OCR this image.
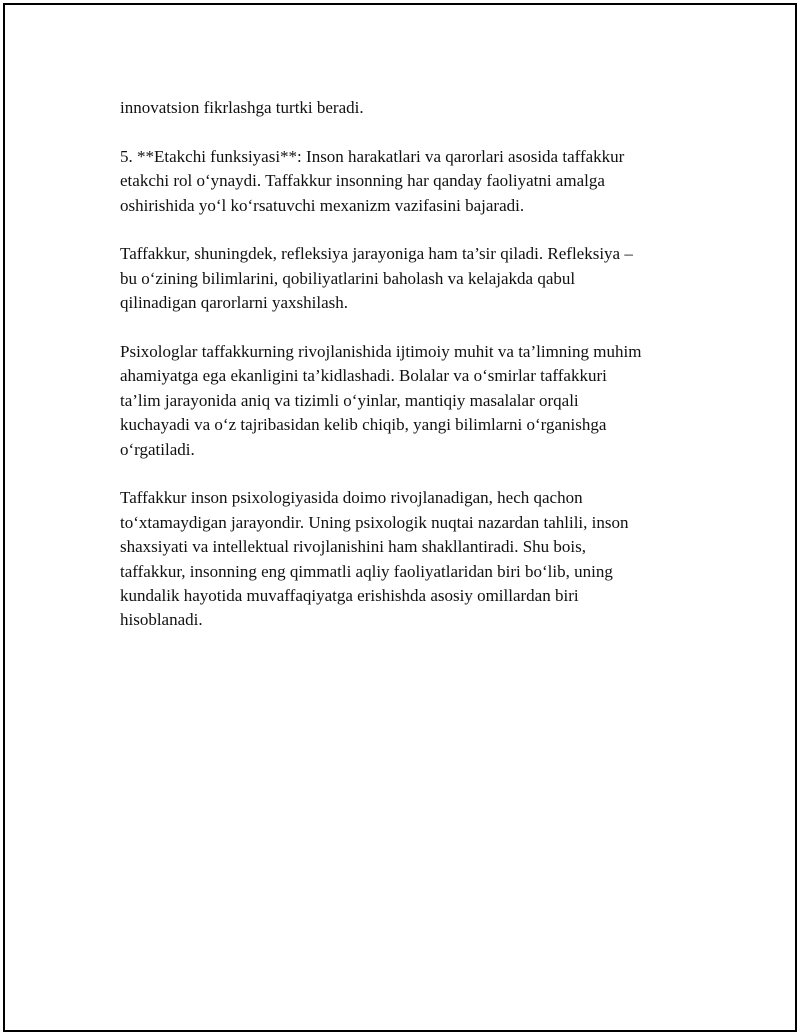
innovatsion fikrlashga turtki beradi.

5. **Etakchi funksiyasi**: Inson harakatlari va qarorlari asosida taffakkur
etakchi rol o‘ynaydi. Taffakkur insonning har qanday faoliyatni amalga
oshirishida yo‘l ko‘rsatuvchi mexanizm vazifasini bajaradi.

Taffakkur, shuningdek, refleksiya jarayoniga ham ta’sir qiladi. Refleksiya –
bu o‘zining bilimlarini, qobiliyatlarini baholash va kelajakda qabul
qilinadigan qarorlarni yaxshilash.

Psixologlar taffakkurning rivojlanishida ijtimoiy muhit va ta’limning muhim
ahamiyatga ega ekanligini ta’kidlashadi. Bolalar va o‘smirlar taffakkuri
ta’lim jarayonida aniq va tizimli o‘yinlar, mantiqiy masalalar orqali
kuchayadi va o‘z tajribasidan kelib chiqib, yangi bilimlarni o‘rganishga
o‘rgatiladi.

Taffakkur inson psixologiyasida doimo rivojlanadigan, hech qachon
to‘xtamaydigan jarayondir. Uning psixologik nuqtai nazardan tahlili, inson
shaxsiyati va intellektual rivojlanishini ham shakllantiradi. Shu bois,
taffakkur, insonning eng qimmatli aqliy faoliyatlaridan biri bo‘lib, uning
kundalik hayotida muvaffaqiyatga erishishda asosiy omillardan biri
hisoblanadi.
